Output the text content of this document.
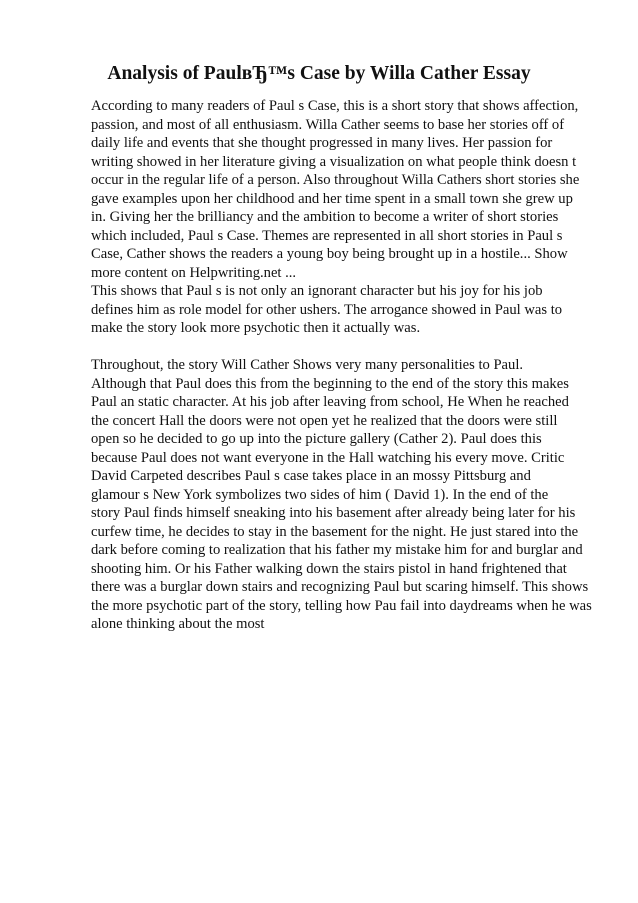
Analysis of PaulвЂ™s Case by Willa Cather Essay

According to many readers of Paul s Case, this is a short story that shows affection,
passion, and most of all enthusiasm. Willa Cather seems to base her stories off of
daily life and events that she thought progressed in many lives. Her passion for
writing showed in her literature giving a visualization on what people think doesn t
occur in the regular life of a person. Also throughout Willa Cathers short stories she
gave examples upon her childhood and her time spent in a small town she grew up
in. Giving her the brilliancy and the ambition to become a writer of short stories
which included, Paul s Case. Themes are represented in all short stories in Paul s
Case, Cather shows the readers a young boy being brought up in a hostile... Show
more content on Helpwriting.net ...

This shows that Paul s is not only an ignorant character but his joy for his job
defines him as role model for other ushers. The arrogance showed in Paul was to
make the story look more psychotic then it actually was.

Throughout, the story Will Cather Shows very many personalities to Paul.
Although that Paul does this from the beginning to the end of the story this makes
Paul an static character. At his job after leaving from school, He When he reached
the concert Hall the doors were not open yet he realized that the doors were still
open so he decided to go up into the picture gallery (Cather 2). Paul does this
because Paul does not want everyone in the Hall watching his every move. Critic
David Carpeted describes Paul s case takes place in an mossy Pittsburg and
glamour s New York symbolizes two sides of him ( David 1). In the end of the
story Paul finds himself sneaking into his basement after already being later for his
curfew time, he decides to stay in the basement for the night. He just stared into the
dark before coming to realization that his father my mistake him for and burglar and
shooting him. Or his Father walking down the stairs pistol in hand frightened that
there was a burglar down stairs and recognizing Paul but scaring himself. This shows
the more psychotic part of the story, telling how Pau fail into daydreams when he was
alone thinking about the most
